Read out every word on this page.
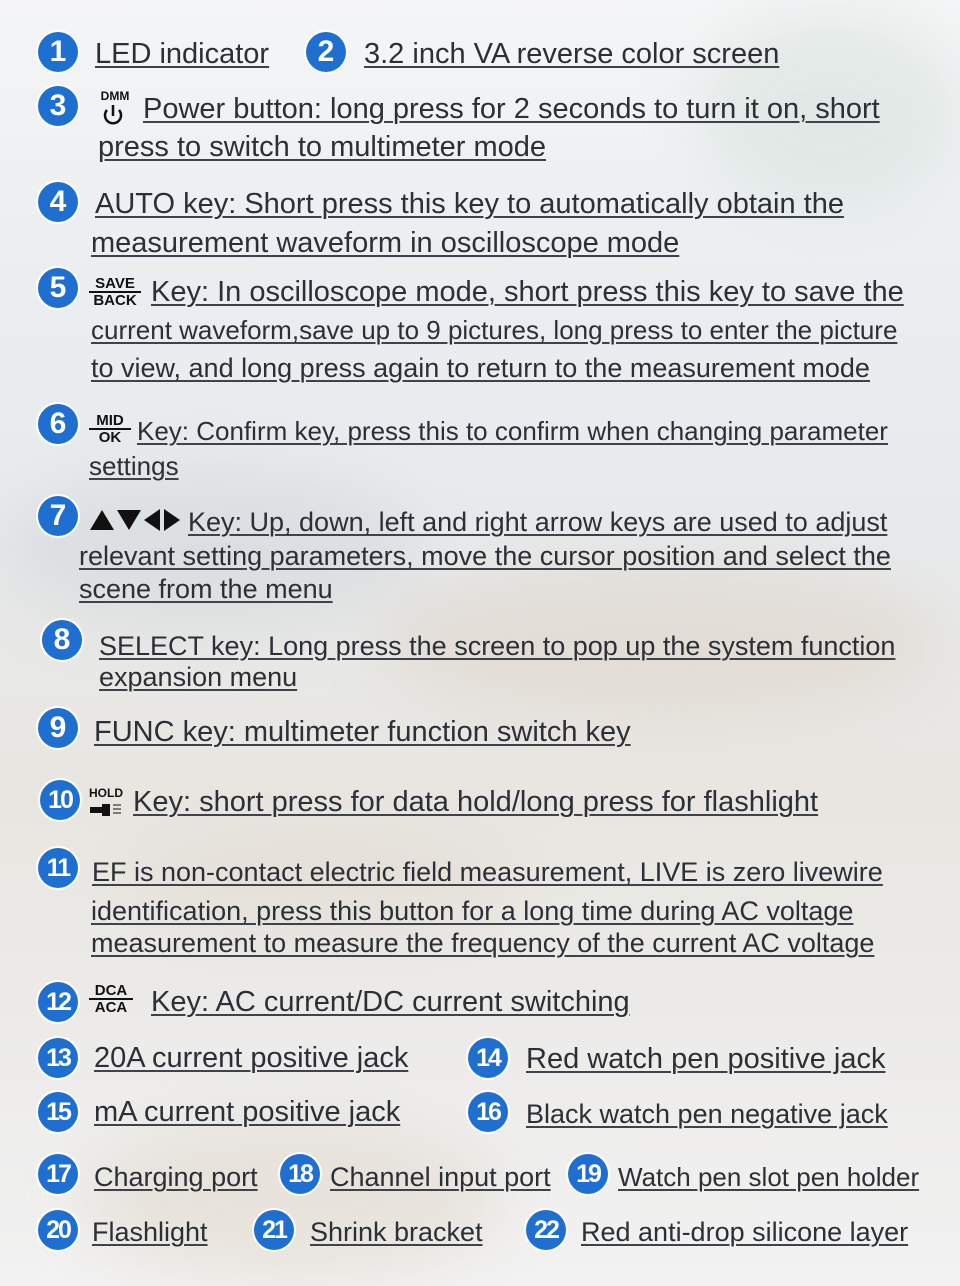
1 LED indicator	2	3.2 inch VA reverse color screen
3	DMM Power button: long press for 2 seconds to turn it on, short
press to switch to multimeter mode
4 AUTO key: Short press this key to automatically obtain the
measurement waveform in oscilloscope mode
5	SAVE
BACK Key: In oscilloscope mode, short press this key to save the
current waveform,save up to 9 pictures, long press to enter the picture
to view, and long press again to return to the measurement mode
6	MID
OK Key: Confirm key, press this to confirm when changing parameter
settings
7	Key: Up, down, left and right arrow keys are used to adjust
relevant setting parameters, move the cursor position and select the
scene from the menu
8	SELECT key: Long press the screen to pop up the system function
expansion menu
9 FUNC key: multimeter function switch key
10	HOLD Key: short press for data hold/long press for flashlight
11 EF is non-contact electric field measurement, LIVE is zero livewire
identification, press this button for a long time during AC voltage
measurement to measure the frequency of the current AC voltage
12	DCA
ACA Key: AC current/DC current switching
13 20A current positive jack	14 Red watch pen positive jack
15 mA current positive jack	16 Black watch pen negative jack
17 Charging port	18 Channel input port	19 Watch pen slot pen holder
20 Flashlight	21 Shrink bracket	22 Red anti-drop silicone layer
